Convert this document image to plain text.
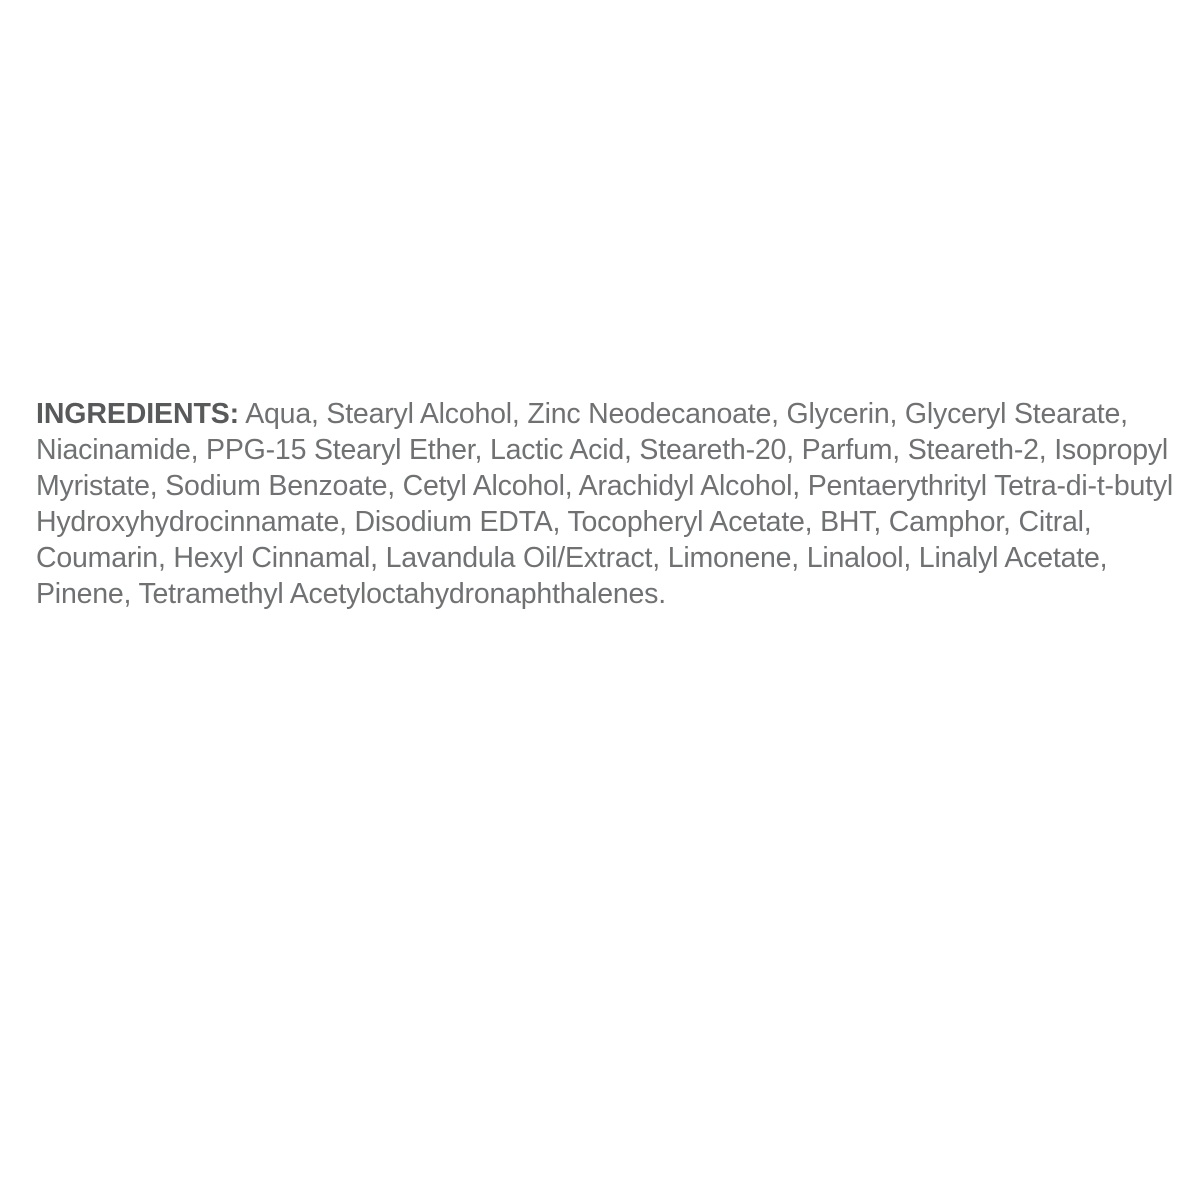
INGREDIENTS: Aqua, Stearyl Alcohol, Zinc Neodecanoate, Glycerin, Glyceryl Stearate, Niacinamide, PPG-15 Stearyl Ether, Lactic Acid, Steareth-20, Parfum, Steareth-2, Isopropyl Myristate, Sodium Benzoate, Cetyl Alcohol, Arachidyl Alcohol, Pentaerythrityl Tetra-di-t-butyl Hydroxyhydrocinnamate, Disodium EDTA, Tocopheryl Acetate, BHT, Camphor, Citral, Coumarin, Hexyl Cinnamal, Lavandula Oil/Extract, Limonene, Linalool, Linalyl Acetate, Pinene, Tetramethyl Acetyloctahydronaphthalenes.
